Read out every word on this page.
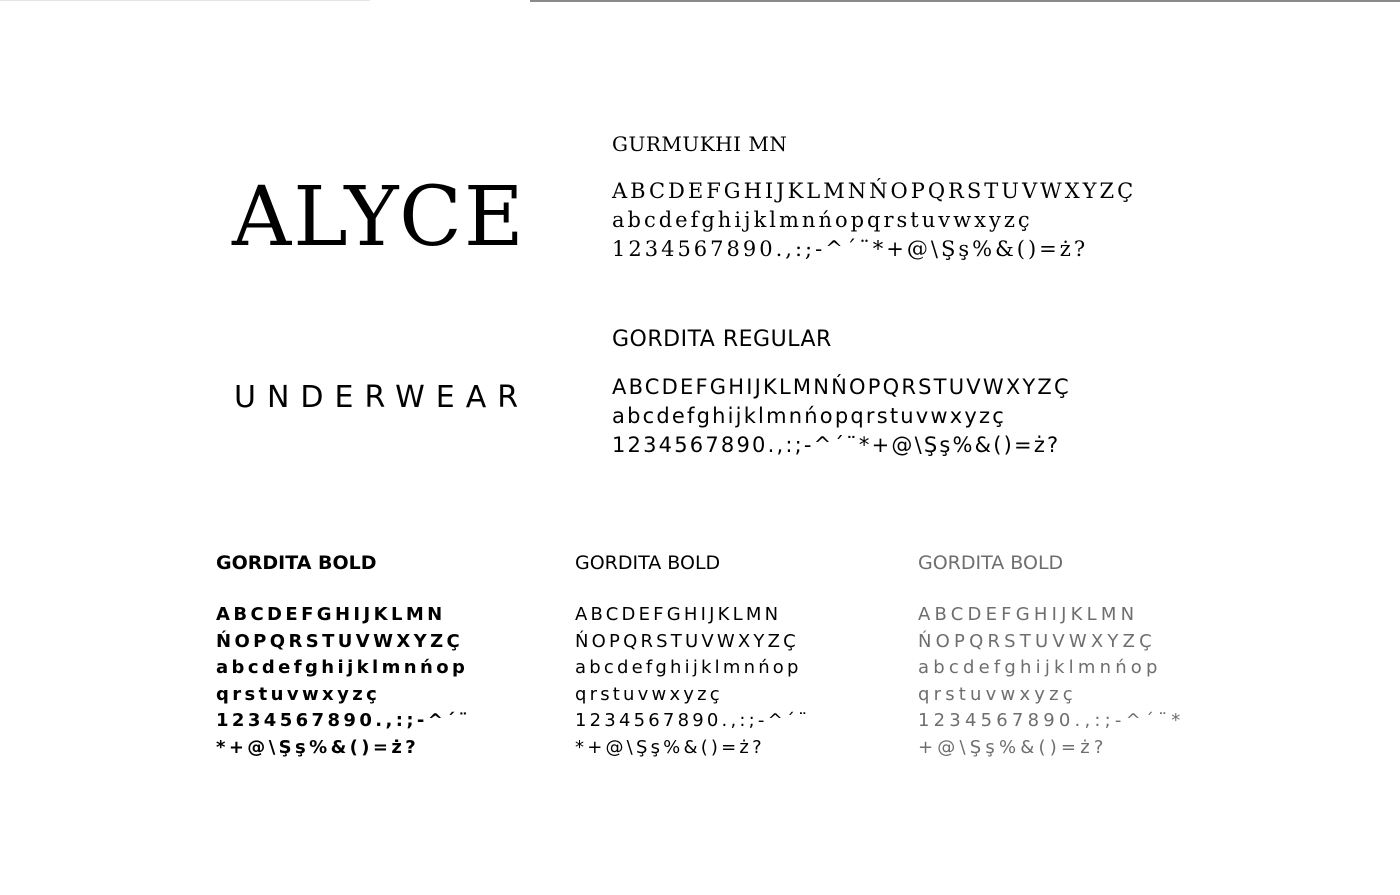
ALYCE
UNDERWEAR
GURMUKHI MN
ABCDEFGHIJKLMNŃOPQRSTUVWXYZÇ
abcdefghijklmnńopqrstuvwxyzç
1234567890.,:;-^´¨*+@\Şş%&()=ż?
GORDITA REGULAR
ABCDEFGHIJKLMNŃOPQRSTUVWXYZÇ
abcdefghijklmnńopqrstuvwxyzç
1234567890.,:;-^´¨*+@\Şş%&()=ż?
GORDITA BOLD
ABCDEFGHIJKLMN
ŃOPQRSTUVWXYZÇ
abcdefghijklmnńop
qrstuvwxyzç
1234567890.,:;-^´¨
*+@\Şş%&()=ż?
GORDITA BOLD
ABCDEFGHIJKLMN
ŃOPQRSTUVWXYZÇ
abcdefghijklmnńop
qrstuvwxyzç
1234567890.,:;-^´¨
*+@\Şş%&()=ż?
GORDITA BOLD
ABCDEFGHIJKLMN
ŃOPQRSTUVWXYZÇ
abcdefghijklmnńop
qrstuvwxyzç
1234567890.,:;-^´¨*
+@\Şş%&()=ż?
